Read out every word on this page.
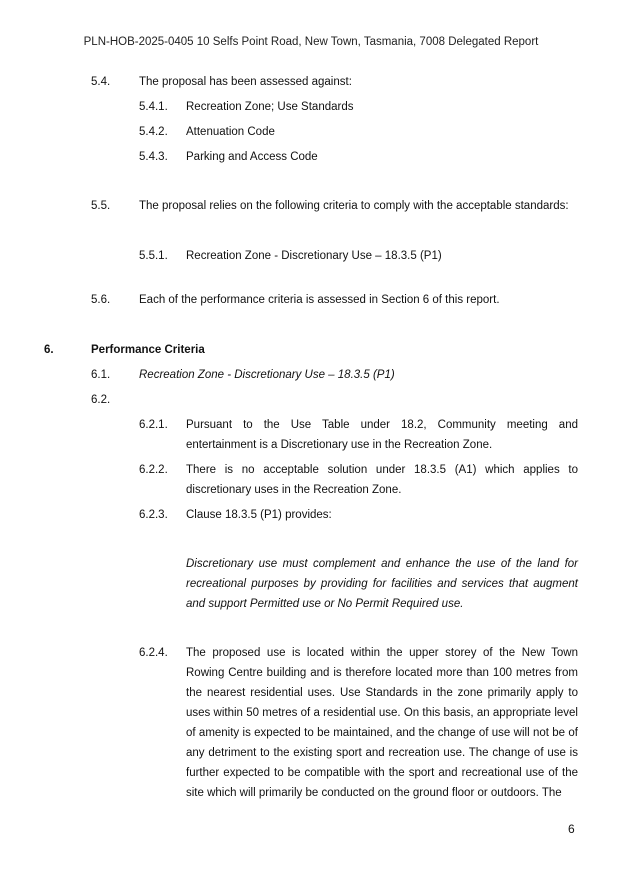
PLN-HOB-2025-0405 10 Selfs Point Road, New Town, Tasmania, 7008 Delegated Report
5.4.	The proposal has been assessed against:
5.4.1. Recreation Zone; Use Standards
5.4.2. Attenuation Code
5.4.3. Parking and Access Code
5.5.	The proposal relies on the following criteria to comply with the acceptable standards:
5.5.1. Recreation Zone - Discretionary Use – 18.3.5 (P1)
5.6.	Each of the performance criteria is assessed in Section 6 of this report.
6.	Performance Criteria
6.1.	Recreation Zone - Discretionary Use – 18.3.5 (P1)
6.2.
6.2.1. Pursuant to the Use Table under 18.2, Community meeting and entertainment is a Discretionary use in the Recreation Zone.
6.2.2. There is no acceptable solution under 18.3.5 (A1) which applies to discretionary uses in the Recreation Zone.
6.2.3. Clause 18.3.5 (P1) provides:
Discretionary use must complement and enhance the use of the land for recreational purposes by providing for facilities and services that augment and support Permitted use or No Permit Required use.
6.2.4. The proposed use is located within the upper storey of the New Town Rowing Centre building and is therefore located more than 100 metres from the nearest residential uses. Use Standards in the zone primarily apply to uses within 50 metres of a residential use. On this basis, an appropriate level of amenity is expected to be maintained, and the change of use will not be of any detriment to the existing sport and recreation use. The change of use is further expected to be compatible with the sport and recreational use of the site which will primarily be conducted on the ground floor or outdoors. The
6
